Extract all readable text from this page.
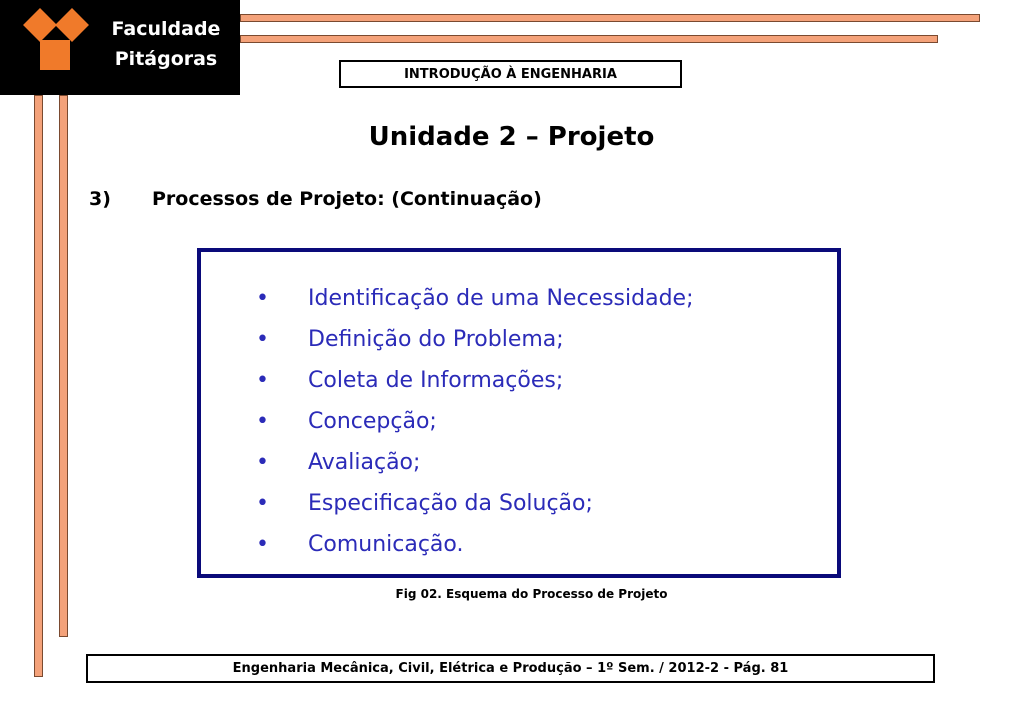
Faculdade
Pitágoras
INTRODUÇÃO À ENGENHARIA
Unidade 2 – Projeto
3) Processos de Projeto: (Continuação)
•	Identificação de uma Necessidade;
•	Definição do Problema;
•	Coleta de Informações;
•	Concepção;
•	Avaliação;
•	Especificação da Solução;
•	Comunicação.
Fig 02. Esquema do Processo de Projeto
Engenharia Mecânica, Civil, Elétrica e Produção – 1º Sem. / 2012-2 - Pág. 81
